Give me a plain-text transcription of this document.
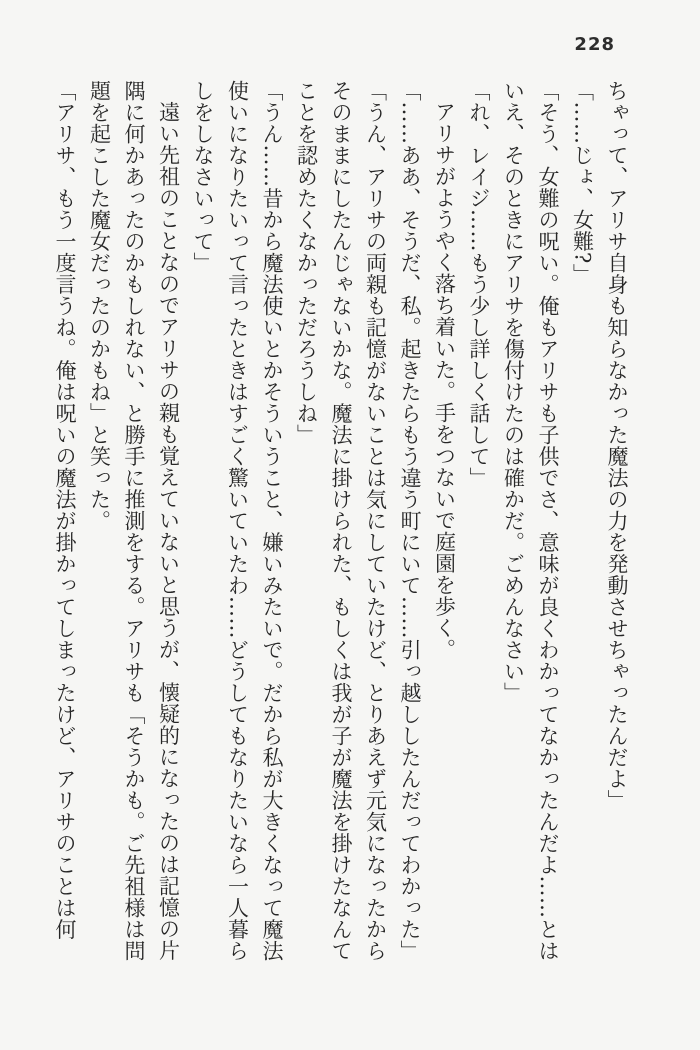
228

ちゃって、アリサ自身も知らなかった魔法の力を発動させちゃったんだよ」

「……じょ、女難?」

「そう、女難の呪い。俺もアリサも子供でさ、意味が良くわかってなかったんだよ……とはいえ、そのときにアリサを傷付けたのは確かだ。ごめんなさい」

「れ、レイジ……もう少し詳しく話して」

アリサがようやく落ち着いた。手をつないで庭園を歩く。

「……ああ、そうだ、私。起きたらもう違う町にいて……引っ越ししたんだってわかった」

「うん、アリサの両親も記憶がないことは気にしていたけど、とりあえず元気になったからそのままにしたんじゃないかな。魔法に掛けられた、もしくは我が子が魔法を掛けたなんてことを認めたくなかっただろうしね」

「うん……昔から魔法使いとかそういうこと、嫌いみたいで。だから私が大きくなって魔法使いになりたいって言ったときはすごく驚いていたわ……どうしてもなりたいなら一人暮らしをしなさいって」

遠い先祖のことなのでアリサの親も覚えていないと思うが、懐疑的になったのは記憶の片隅に何かあったのかもしれない、と勝手に推測をする。アリサも「そうかも。ご先祖様は問題を起こした魔女だったのかもね」と笑った。

「アリサ、もう一度言うね。俺は呪いの魔法が掛かってしまったけど、アリサのことは何
